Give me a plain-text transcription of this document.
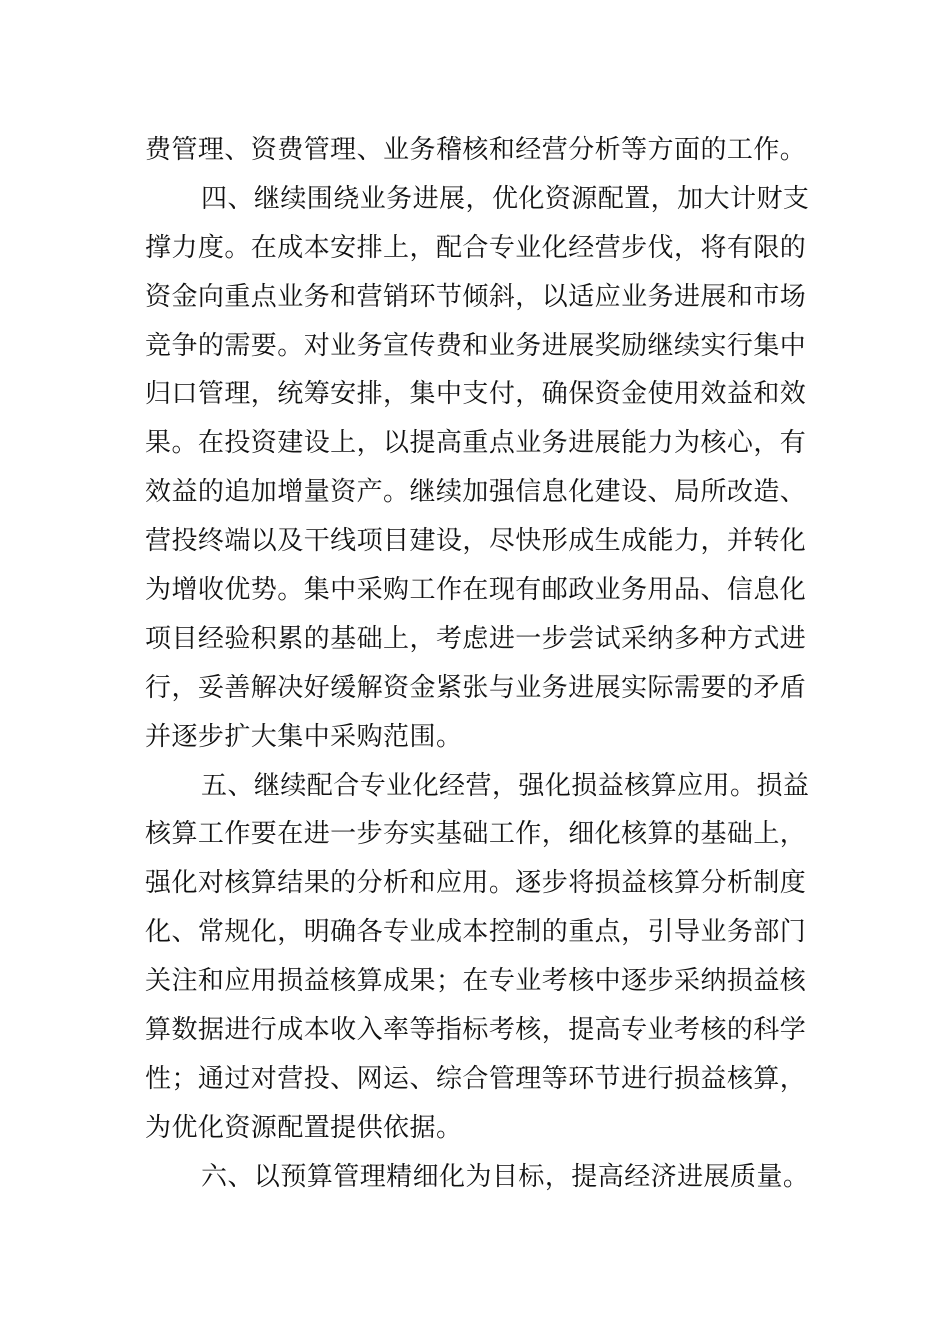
费管理、资费管理、业务稽核和经营分析等方面的工作。
四、继续围绕业务进展，优化资源配置，加大计财支
撑力度。在成本安排上，配合专业化经营步伐，将有限的
资金向重点业务和营销环节倾斜，以适应业务进展和市场
竞争的需要。对业务宣传费和业务进展奖励继续实行集中
归口管理，统筹安排，集中支付，确保资金使用效益和效
果。在投资建设上，以提高重点业务进展能力为核心，有
效益的追加增量资产。继续加强信息化建设、局所改造、
营投终端以及干线项目建设，尽快形成生成能力，并转化
为增收优势。集中采购工作在现有邮政业务用品、信息化
项目经验积累的基础上，考虑进一步尝试采纳多种方式进
行，妥善解决好缓解资金紧张与业务进展实际需要的矛盾
并逐步扩大集中采购范围。
五、继续配合专业化经营，强化损益核算应用。损益
核算工作要在进一步夯实基础工作，细化核算的基础上，
强化对核算结果的分析和应用。逐步将损益核算分析制度
化、常规化，明确各专业成本控制的重点，引导业务部门
关注和应用损益核算成果；在专业考核中逐步采纳损益核
算数据进行成本收入率等指标考核，提高专业考核的科学
性；通过对营投、网运、综合管理等环节进行损益核算，
为优化资源配置提供依据。
六、以预算管理精细化为目标，提高经济进展质量。
